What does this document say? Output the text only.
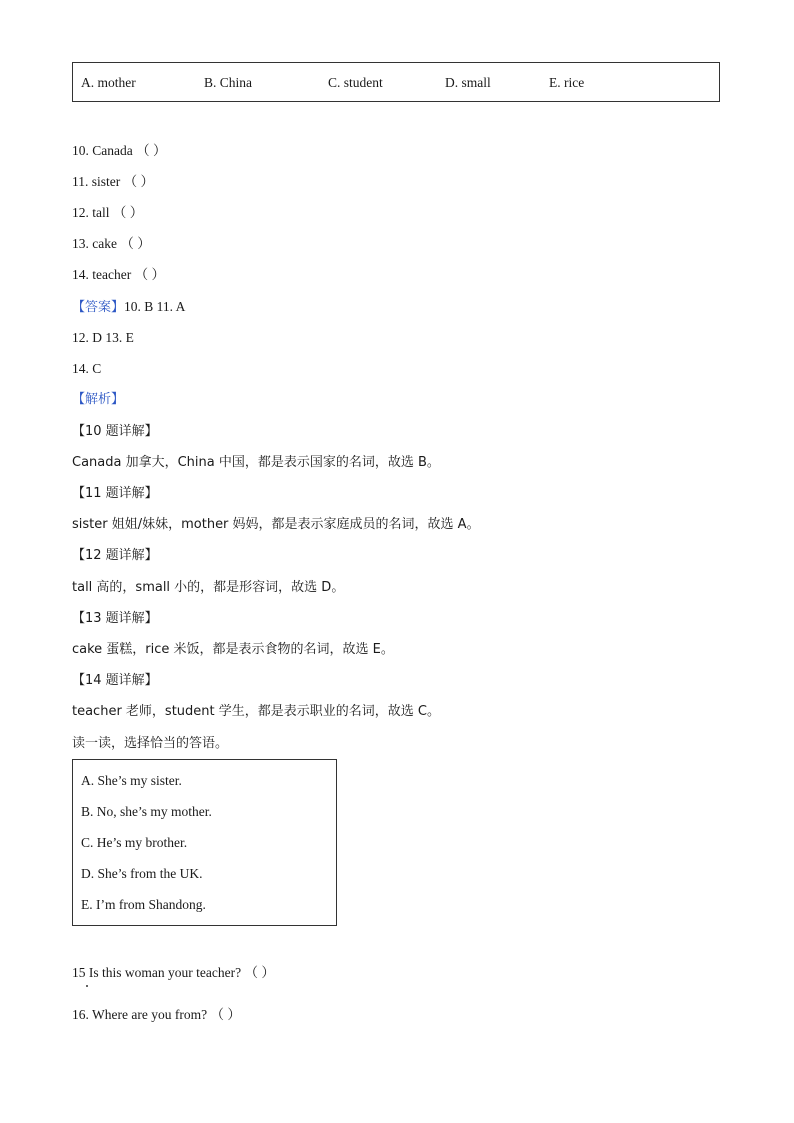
A. mother	B. China	C. student	D. small	E. rice
10. Canada （ ）
11. sister （ ）
12. tall （ ）
13. cake （ ）
14. teacher （ ）
【答案】10. B 11. A
12. D 13. E
14. C
【解析】
【10 题详解】
Canada 加拿大，China 中国，都是表示国家的名词，故选 B。
【11 题详解】
sister 姐姐/妹妹，mother 妈妈，都是表示家庭成员的名词，故选 A。
【12 题详解】
tall 高的，small 小的，都是形容词，故选 D。
【13 题详解】
cake 蛋糕，rice 米饭，都是表示食物的名词，故选 E。
【14 题详解】
teacher 老师，student 学生，都是表示职业的名词，故选 C。
读一读，选择恰当的答语。
A. She’s my sister.
B. No, she’s my mother.
C. He’s my brother.
D. She’s from the UK.
E. I’m from Shandong.
15 Is this woman your teacher? （ ）
16. Where are you from? （ ）
